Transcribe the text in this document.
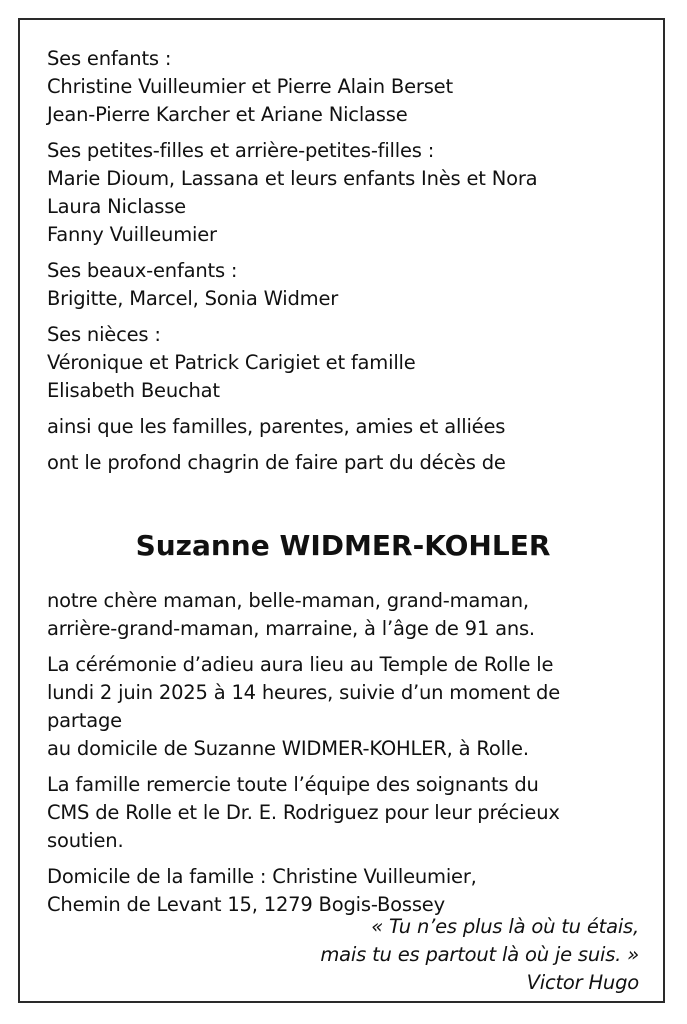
Ses enfants :
Christine Vuilleumier et Pierre Alain Berset
Jean-Pierre Karcher et Ariane Niclasse
Ses petites-filles et arrière-petites-filles :
Marie Dioum, Lassana et leurs enfants Inès et Nora
Laura Niclasse
Fanny Vuilleumier
Ses beaux-enfants :
Brigitte, Marcel, Sonia Widmer
Ses nièces :
Véronique et Patrick Carigiet et famille
Elisabeth Beuchat
ainsi que les familles, parentes, amies et alliées
ont le profond chagrin de faire part du décès de
Suzanne WIDMER-KOHLER
notre chère maman, belle-maman, grand-maman,
arrière-grand-maman, marraine, à l’âge de 91 ans.
La cérémonie d’adieu aura lieu au Temple de Rolle le
lundi 2 juin 2025 à 14 heures, suivie d’un moment de
partage
au domicile de Suzanne WIDMER-KOHLER, à Rolle.
La famille remercie toute l’équipe des soignants du
CMS de Rolle et le Dr. E. Rodriguez pour leur précieux
soutien.
Domicile de la famille : Christine Vuilleumier,
Chemin de Levant 15, 1279 Bogis-Bossey
« Tu n’es plus là où tu étais,
mais tu es partout là où je suis. »
Victor Hugo
